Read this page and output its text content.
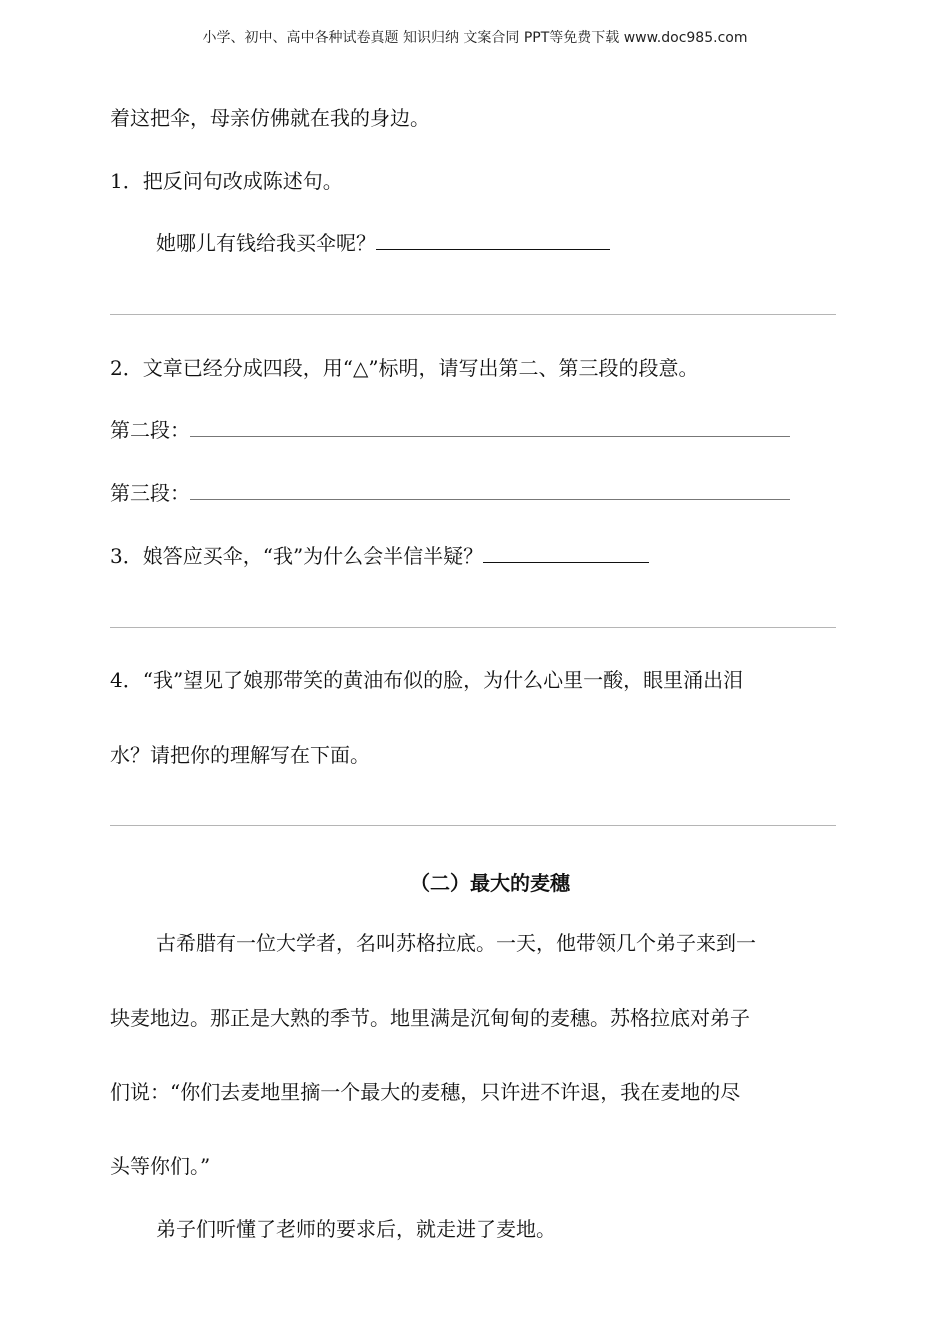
小学、初中、高中各种试卷真题 知识归纳 文案合同 PPT等免费下载 www.doc985.com
着这把伞，母亲仿佛就在我的身边。
1．把反问句改成陈述句。
她哪儿有钱给我买伞呢？
2．文章已经分成四段，用“△”标明，请写出第二、第三段的段意。
第二段：
第三段：
3．娘答应买伞，“我”为什么会半信半疑？
4．“我”望见了娘那带笑的黄油布似的脸，为什么心里一酸，眼里涌出泪
水？请把你的理解写在下面。
（二）最大的麦穗
古希腊有一位大学者，名叫苏格拉底。一天，他带领几个弟子来到一
块麦地边。那正是大熟的季节。地里满是沉甸甸的麦穗。苏格拉底对弟子
们说：“你们去麦地里摘一个最大的麦穗，只许进不许退，我在麦地的尽
头等你们。”
弟子们听懂了老师的要求后，就走进了麦地。
